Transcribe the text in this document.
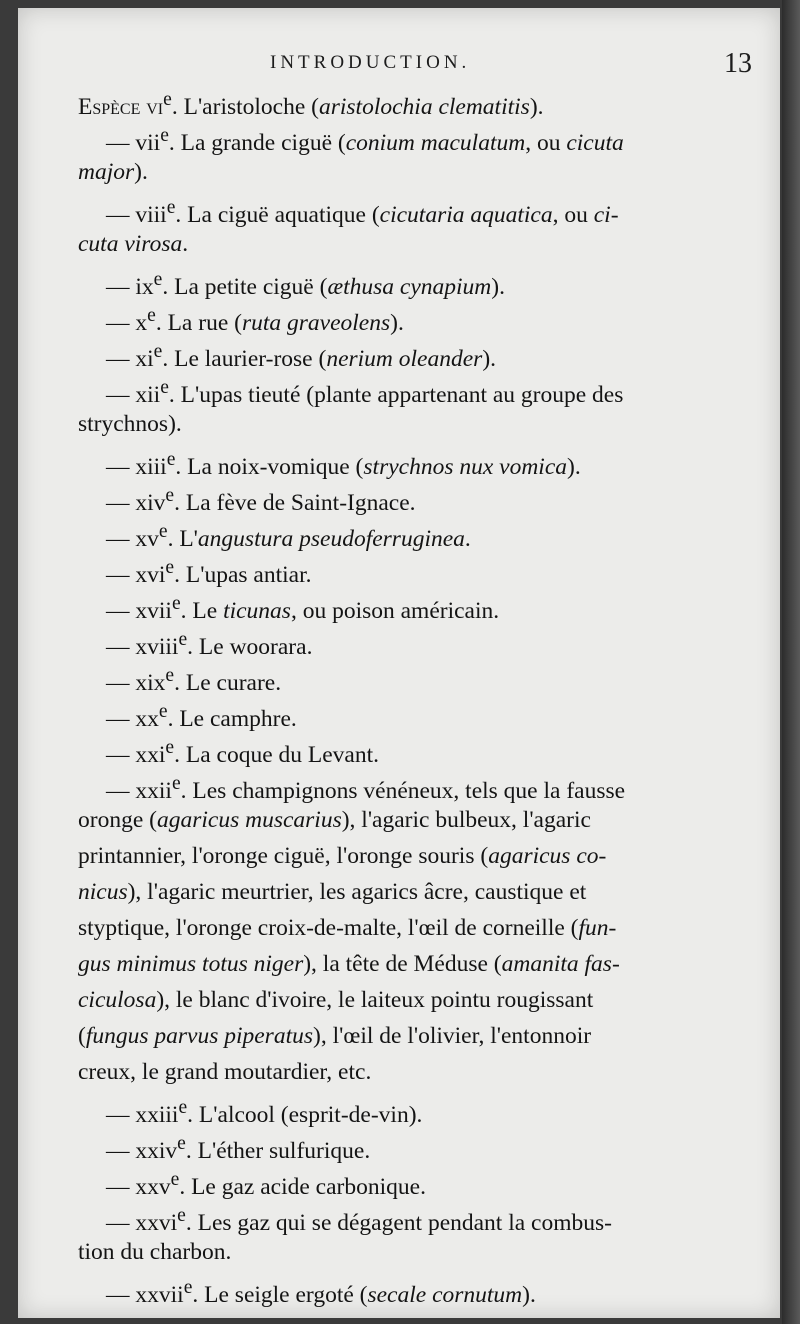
INTRODUCTION.	13
Espèce $vi^e$. L'aristoloche (aristolochia clematitis).
— vii$^e$. La grande ciguë (conium maculatum, ou cicuta
major).
— viii$^e$. La ciguë aquatique (cicutaria aquatica, ou ci-
cuta virosa.
— $ix^e$. La petite ciguë (æthusa cynapium).
— $x^e$. La rue (ruta graveolens).
— $xi^e$. Le laurier-rose (nerium oleander).
— xii$^e$. L'upas tieuté (plante appartenant au groupe des
strychnos).
— xiii$^e$. La noix-vomique (strychnos nux vomica).
— xiv$^e$. La fève de Saint-Ignace.
— $xv^e$. L'angustura pseudoferruginea.
— xvi$^e$. L'upas antiar.
— xvii$^e$. Le ticunas, ou poison américain.
— xviii$^e$. Le woorara.
— xix$^e$. Le curare.
— $xx^e$. Le camphre.
— xxi$^e$. La coque du Levant.
— xxii$^e$. Les champignons vénéneux, tels que la fausse
oronge (agaricus muscarius), l'agaric bulbeux, l'agaric
printannier, l'oronge ciguë, l'oronge souris (agaricus co-
nicus), l'agaric meurtrier, les agarics âcre, caustique et
styptique, l'oronge croix-de-malte, l'œil de corneille (fun-
gus minimus totus niger), la tête de Méduse (amanita fas-
ciculosa), le blanc d'ivoire, le laiteux pointu rougissant
(fungus parvus piperatus), l'œil de l'olivier, l'entonnoir
creux, le grand moutardier, etc.
— xxiii$^e$. L'alcool (esprit-de-vin).
— xxiv$^e$. L'éther sulfurique.
— xxv$^e$. Le gaz acide carbonique.
— xxvi$^e$. Les gaz qui se dégagent pendant la combus-
tion du charbon.
— xxvii$^e$. Le seigle ergoté (secale cornutum).
